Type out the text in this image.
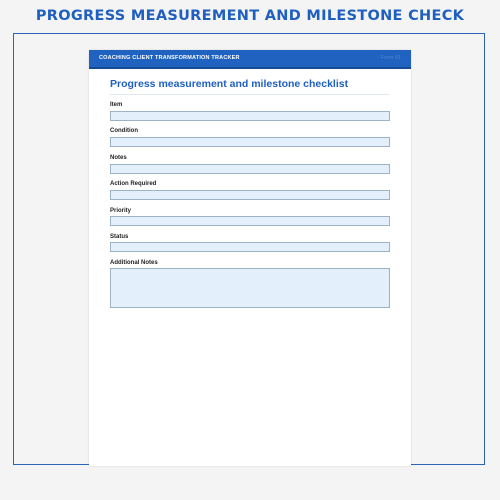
PROGRESS MEASUREMENT AND MILESTONE CHECK
COACHING CLIENT TRANSFORMATION TRACKER	Form 01
Progress measurement and milestone checklist
Item
Condition
Notes
Action Required
Priority
Status
Additional Notes
